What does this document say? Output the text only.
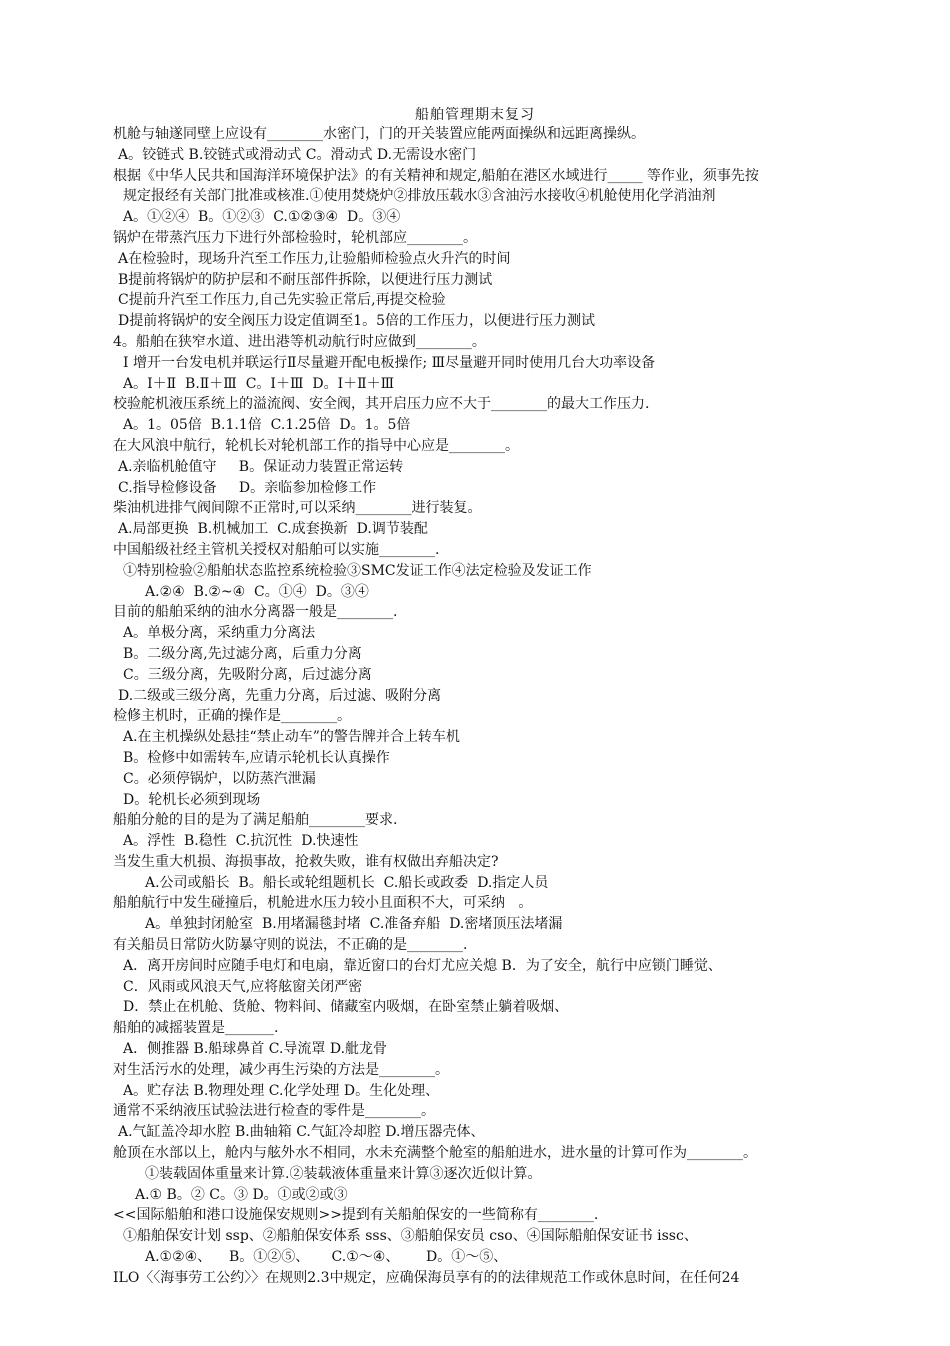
船舶管理期末复习
机舱与轴遂同壁上应设有________水密门，门的开关装置应能两面操纵和远距离操纵。
A。铰链式 B.铰链式或滑动式 C。滑动式 D.无需设水密门
根据《中华人民共和国海洋环境保护法》的有关精神和规定,船舶在港区水域进行_____ 等作业，须事先按
规定报经有关部门批准或核准.①使用焚烧炉②排放压载水③含油污水接收④机舱使用化学消油剂
A。①②④  B。①②③  C.①②③④  D。③④
锅炉在带蒸汽压力下进行外部检验时，轮机部应________。
A在检验时，现场升汽至工作压力,让验船师检验点火升汽的时间
B提前将锅炉的防护层和不耐压部件拆除，以便进行压力测试
C提前升汽至工作压力,自己先实验正常后,再提交检验
D提前将锅炉的安全阀压力设定值调至1。5倍的工作压力，以便进行压力测试
4。船舶在狭窄水道、进出港等机动航行时应做到________。
Ⅰ 增开一台发电机并联运行Ⅱ尽量避开配电板操作; Ⅲ尽量避开同时使用几台大功率设备
A。Ⅰ＋Ⅱ  B.Ⅱ＋Ⅲ  C。Ⅰ＋Ⅲ  D。Ⅰ＋Ⅱ＋Ⅲ
校验舵机液压系统上的溢流阀、安全阀，其开启压力应不大于________的最大工作压力.
A。1。05倍  B.1.1倍  C.1.25倍  D。1。5倍
在大风浪中航行，轮机长对轮机部工作的指导中心应是________。
A.亲临机舱值守     B。保证动力装置正常运转
C.指导检修设备     D。亲临参加检修工作
柴油机进排气阀间隙不正常时,可以采纳________进行装复。
A.局部更换  B.机械加工  C.成套换新  D.调节装配
中国船级社经主管机关授权对船舶可以实施________.
①特别检验②船舶状态监控系统检验③SMC发证工作④法定检验及发证工作
A.②④  B.②~④  C。①④  D。③④
目前的船舶采纳的油水分离器一般是________.
A。单极分离，采纳重力分离法
B。二级分离,先过滤分离，后重力分离
C。三级分离，先吸附分离，后过滤分离
D.二级或三级分离，先重力分离，后过滤、吸附分离
检修主机时，正确的操作是________。
A.在主机操纵处悬挂“禁止动车”的警告牌并合上转车机
B。检修中如需转车,应请示轮机长认真操作
C。必须停锅炉，以防蒸汽泄漏
D。轮机长必须到现场
船舶分舱的目的是为了满足船舶________要求.
A。浮性  B.稳性  C.抗沉性  D.快速性
当发生重大机损、海损事故，抢救失败，谁有权做出弃船决定?
A.公司或船长  B。船长或轮组题机长  C.船长或政委  D.指定人员
船舶航行中发生碰撞后，机舱进水压力较小且面积不大，可采纳   。
A。单独封闭舱室  B.用堵漏毯封堵  C.准备弃船  D.密堵顶压法堵漏
有关船员日常防火防暴守则的说法，不正确的是________.
A．离开房间时应随手电灯和电扇，靠近窗口的台灯尤应关熄 B．为了安全，航行中应锁门睡觉、
C．风雨或风浪天气,应将舷窗关闭严密
D．禁止在机舱、货舱、物料间、储藏室内吸烟，在卧室禁止躺着吸烟、
船舶的减摇装置是_______.
A．侧推器 B.船球鼻首 C.导流罩 D.舭龙骨
对生活污水的处理，减少再生污染的方法是________。
A。贮存法 B.物理处理 C.化学处理 D。生化处理、
通常不采纳液压试验法进行检查的零件是________。
A.气缸盖冷却水腔 B.曲轴箱 C.气缸冷却腔 D.增压器壳体、
舱顶在水部以上，舱内与舷外水不相同，水未充满整个舱室的船舶进水，进水量的计算可作为________。
①装载固体重量来计算.②装载液体重量来计算③逐次近似计算。
A.① B。② C。③ D。①或②或③
<<国际船舶和港口设施保安规则>>提到有关船舶保安的一些简称有________.
①船舶保安计划 ssp、②船舶保安体系 sss、③船舶保安员 cso、④国际船舶保安证书 issc、
A.①②④、    B。①②⑤、     C.①～④、      D。①～⑤、
ILO〈〈海事劳工公约〉〉在规则2.3中规定，应确保海员享有的的法律规范工作或休息时间，在任何24
